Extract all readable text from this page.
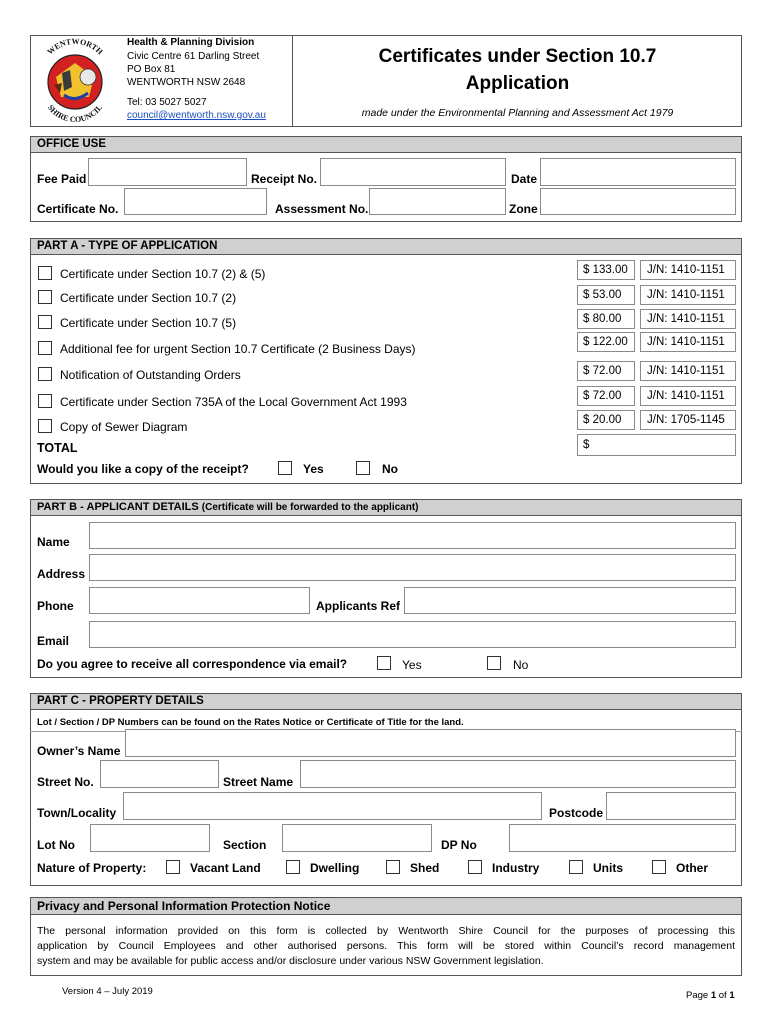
WENTWORTH
SHIRE COUNCIL
Health & Planning Division
Civic Centre 61 Darling Street
PO Box 81
WENTWORTH NSW 2648
Tel: 03 5027 5027
council@wentworth.nsw.gov.au
Certificates under Section 10.7
Application
made under the Environmental Planning and Assessment Act 1979
OFFICE USE
Fee Paid	Receipt No.	Date
Certificate No.	Assessment No.	Zone
PART A - TYPE OF APPLICATION
Certificate under Section 10.7 (2) & (5)	$ 133.00	J/N: 1410-1151
Certificate under Section 10.7 (2)	$ 53.00	J/N: 1410-1151
Certificate under Section 10.7 (5)	$ 80.00	J/N: 1410-1151
Additional fee for urgent Section 10.7 Certificate (2 Business Days)	$ 122.00	J/N: 1410-1151
Notification of Outstanding Orders	$ 72.00	J/N: 1410-1151
Certificate under Section 735A of the Local Government Act 1993	$ 72.00	J/N: 1410-1151
Copy of Sewer Diagram	$ 20.00	J/N: 1705-1145
TOTAL	$
Would you like a copy of the receipt?	Yes	No
PART B - APPLICANT DETAILS (Certificate will be forwarded to the applicant)
Name
Address
Phone	Applicants Ref
Email
Do you agree to receive all correspondence via email?	Yes	No
PART C - PROPERTY DETAILS
Lot / Section / DP Numbers can be found on the Rates Notice or Certificate of Title for the land.
Owner’s Name
Street No.	Street Name
Town/Locality	Postcode
Lot No	Section	DP No
Nature of Property:	Vacant Land	Dwelling	Shed	Industry	Units	Other
Privacy and Personal Information Protection Notice
The personal information provided on this form is collected by Wentworth Shire Council for the purposes of processing this
application by Council Employees and other authorised persons. This form will be stored within Council’s record management
system and may be available for public access and/or disclosure under various NSW Government legislation.
Version 4 – July 2019	Page 1 of 1
